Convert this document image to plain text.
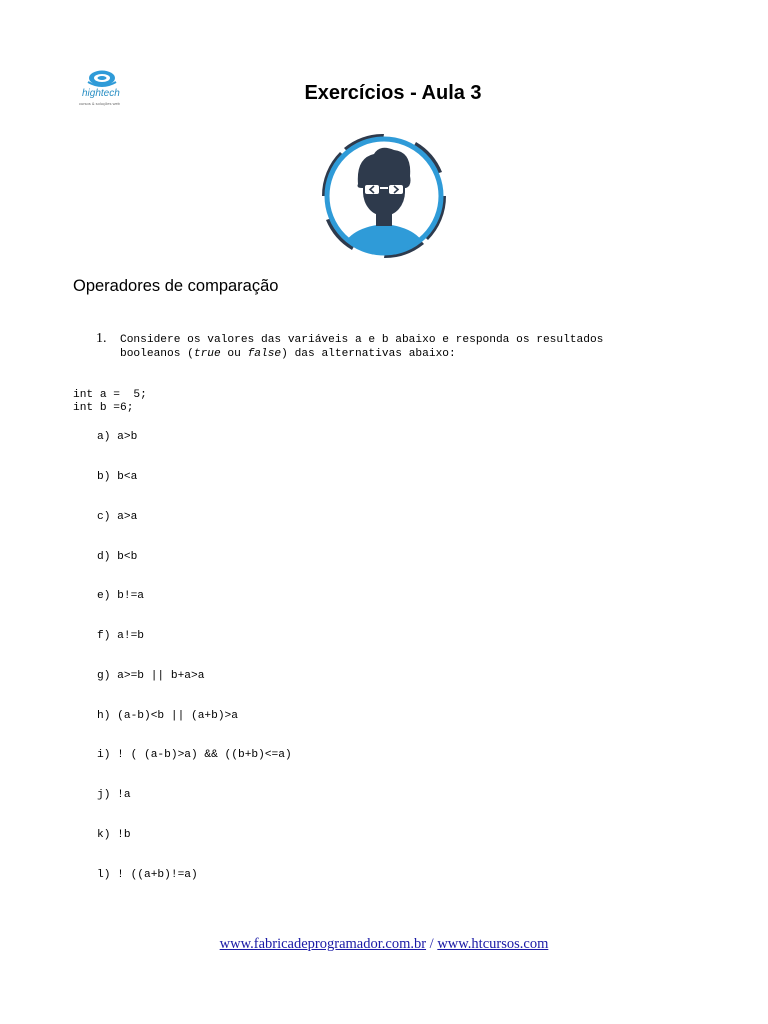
hightech
cursos & soluções web	Exercícios - Aula 3
Operadores de comparação
1. Considere os valores das variáveis a e b abaixo e responda os resultados
booleanos (true ou false) das alternativas abaixo:
int a =  5;
int b =6;
a) a>b
b) b<a
c) a>a
d) b<b
e) b!=a
f) a!=b
g) a>=b || b+a>a
h) (a-b)<b || (a+b)>a
i) ! ( (a-b)>a) && ((b+b)<=a)
j) !a
k) !b
l) ! ((a+b)!=a)
www.fabricadeprogramador.com.br / www.htcursos.com
